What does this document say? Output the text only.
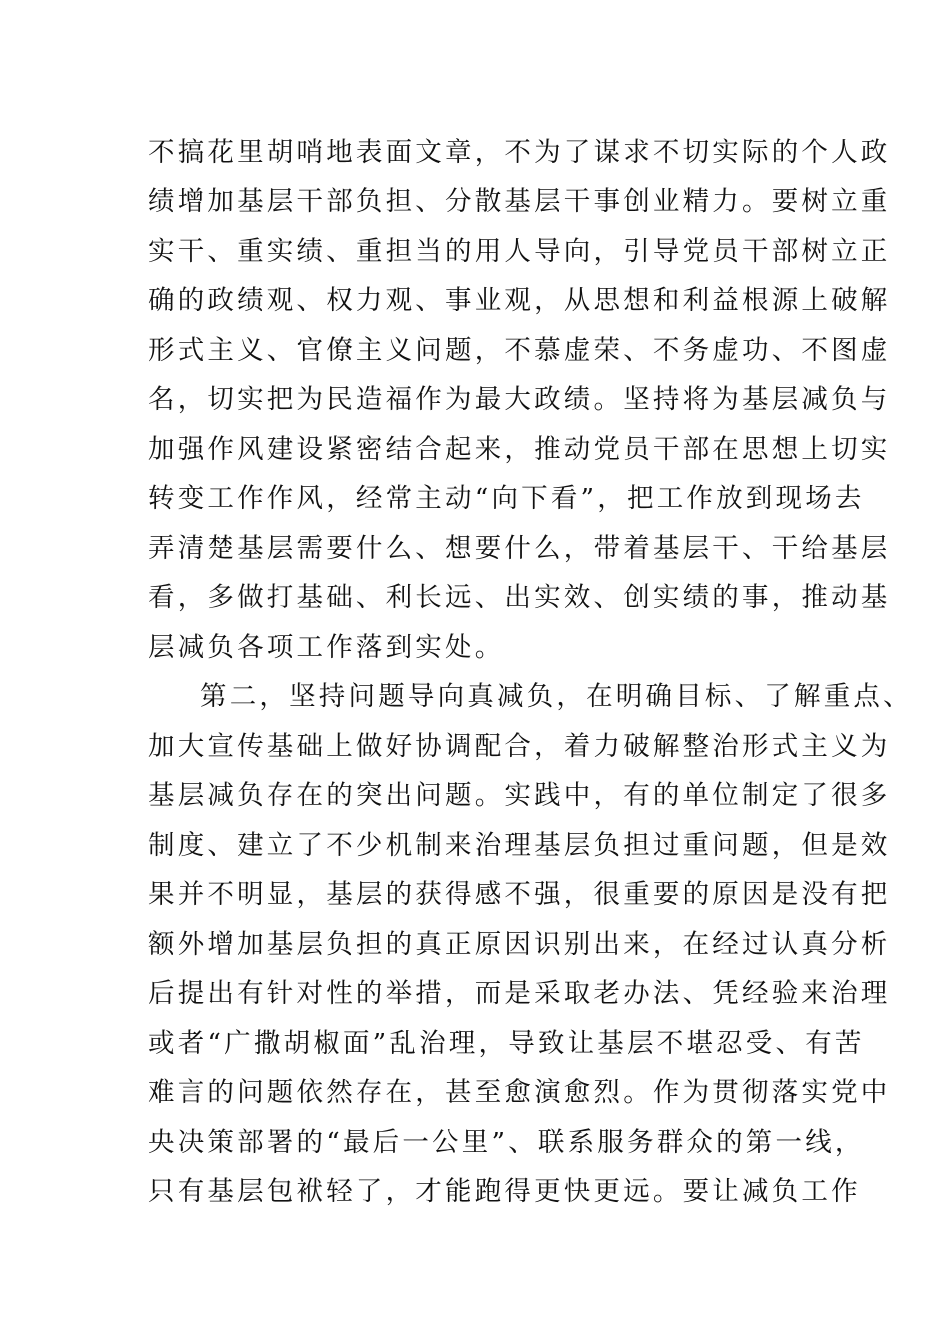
不搞花里胡哨地表面文章，不为了谋求不切实际的个人政
绩增加基层干部负担、分散基层干事创业精力。要树立重
实干、重实绩、重担当的用人导向，引导党员干部树立正
确的政绩观、权力观、事业观，从思想和利益根源上破解
形式主义、官僚主义问题，不慕虚荣、不务虚功、不图虚
名，切实把为民造福作为最大政绩。坚持将为基层减负与
加强作风建设紧密结合起来，推动党员干部在思想上切实
转变工作作风，经常主动“向下看”，把工作放到现场去
弄清楚基层需要什么、想要什么，带着基层干、干给基层
看，多做打基础、利长远、出实效、创实绩的事，推动基
层减负各项工作落到实处。
第二，坚持问题导向真减负，在明确目标、了解重点、
加大宣传基础上做好协调配合，着力破解整治形式主义为
基层减负存在的突出问题。实践中，有的单位制定了很多
制度、建立了不少机制来治理基层负担过重问题，但是效
果并不明显，基层的获得感不强，很重要的原因是没有把
额外增加基层负担的真正原因识别出来，在经过认真分析
后提出有针对性的举措，而是采取老办法、凭经验来治理
或者“广撒胡椒面”乱治理，导致让基层不堪忍受、有苦
难言的问题依然存在，甚至愈演愈烈。作为贯彻落实党中
央决策部署的“最后一公里”、联系服务群众的第一线，
只有基层包袱轻了，才能跑得更快更远。要让减负工作
